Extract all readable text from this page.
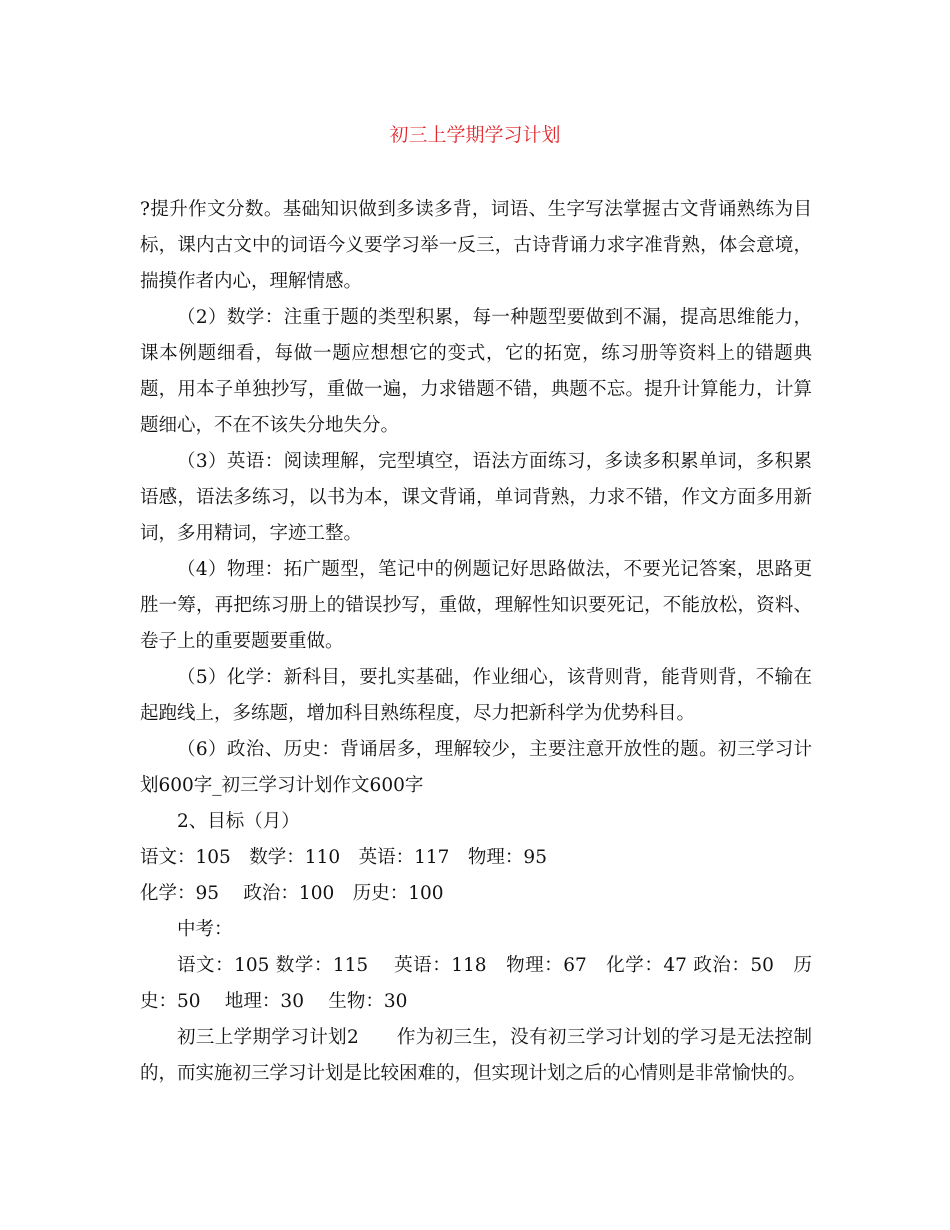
初三上学期学习计划

?提升作文分数。基础知识做到多读多背，词语、生字写法掌握古文背诵熟练为目标，课内古文中的词语今义要学习举一反三，古诗背诵力求字准背熟，体会意境，揣摸作者内心，理解情感。

（2）数学：注重于题的类型积累，每一种题型要做到不漏，提高思维能力，课本例题细看，每做一题应想想它的变式，它的拓宽，练习册等资料上的错题典题，用本子单独抄写，重做一遍，力求错题不错，典题不忘。提升计算能力，计算题细心，不在不该失分地失分。

（3）英语：阅读理解，完型填空，语法方面练习，多读多积累单词，多积累语感，语法多练习，以书为本，课文背诵，单词背熟，力求不错，作文方面多用新词，多用精词，字迹工整。

（4）物理：拓广题型，笔记中的例题记好思路做法，不要光记答案，思路更胜一筹，再把练习册上的错误抄写，重做，理解性知识要死记，不能放松，资料、卷子上的重要题要重做。

（5）化学：新科目，要扎实基础，作业细心，该背则背，能背则背，不输在起跑线上，多练题，增加科目熟练程度，尽力把新科学为优势科目。

（6）政治、历史：背诵居多，理解较少，主要注意开放性的题。初三学习计划600字_初三学习计划作文600字

2、目标（月）

语文：105　数学：110　英语：117　物理：95

化学：95　 政治：100　历史：100

中考：

语文：105 数学：115　 英语：118　物理：67　化学：47 政治：50　历史：50　 地理：30　 生物：30

初三上学期学习计划2　　作为初三生，没有初三学习计划的学习是无法控制的，而实施初三学习计划是比较困难的，但实现计划之后的心情则是非常愉快的。
